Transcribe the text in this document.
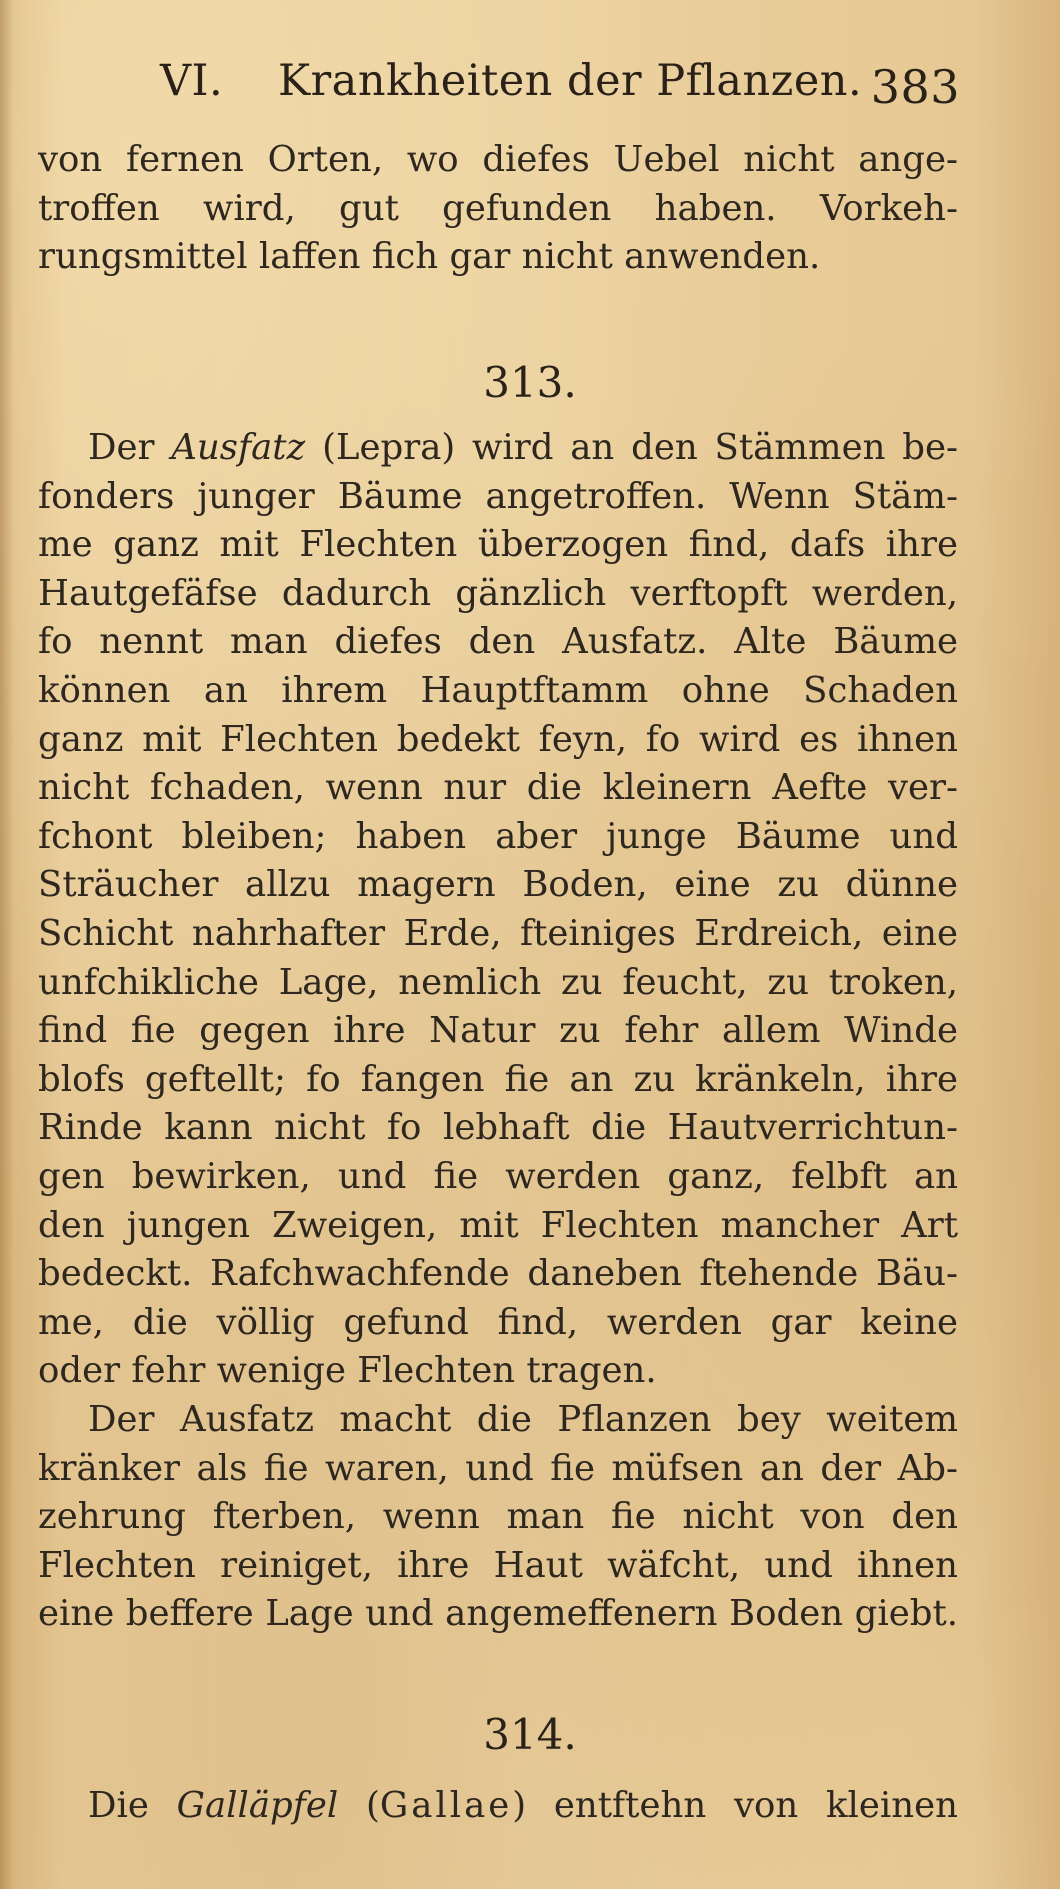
VI. Krankheiten der Pflanzen. 383
von fernen Orten, wo diefes Uebel nicht ange-
troffen wird, gut gefunden haben. Vorkeh-
rungsmittel laffen fich gar nicht anwenden.
313.
Der Ausfatz (Lepra) wird an den Stämmen be-
fonders junger Bäume angetroffen. Wenn Stäm-
me ganz mit Flechten überzogen find, dafs ihre
Hautgefäfse dadurch gänzlich verftopft werden,
fo nennt man diefes den Ausfatz. Alte Bäume
können an ihrem Hauptftamm ohne Schaden
ganz mit Flechten bedekt feyn, fo wird es ihnen
nicht fchaden, wenn nur die kleinern Aefte ver-
fchont bleiben; haben aber junge Bäume und
Sträucher allzu magern Boden, eine zu dünne
Schicht nahrhafter Erde, fteiniges Erdreich, eine
unfchikliche Lage, nemlich zu feucht, zu troken,
find fie gegen ihre Natur zu fehr allem Winde
blofs geftellt; fo fangen fie an zu kränkeln, ihre
Rinde kann nicht fo lebhaft die Hautverrichtun-
gen bewirken, und fie werden ganz, felbft an
den jungen Zweigen, mit Flechten mancher Art
bedeckt. Rafchwachfende daneben ftehende Bäu-
me, die völlig gefund find, werden gar keine
oder fehr wenige Flechten tragen.
Der Ausfatz macht die Pflanzen bey weitem
kränker als fie waren, und fie müfsen an der Ab-
zehrung fterben, wenn man fie nicht von den
Flechten reiniget, ihre Haut wäfcht, und ihnen
eine beffere Lage und angemeffenern Boden giebt.
314.
Die Galläpfel (Gallae) entftehn von kleinen
